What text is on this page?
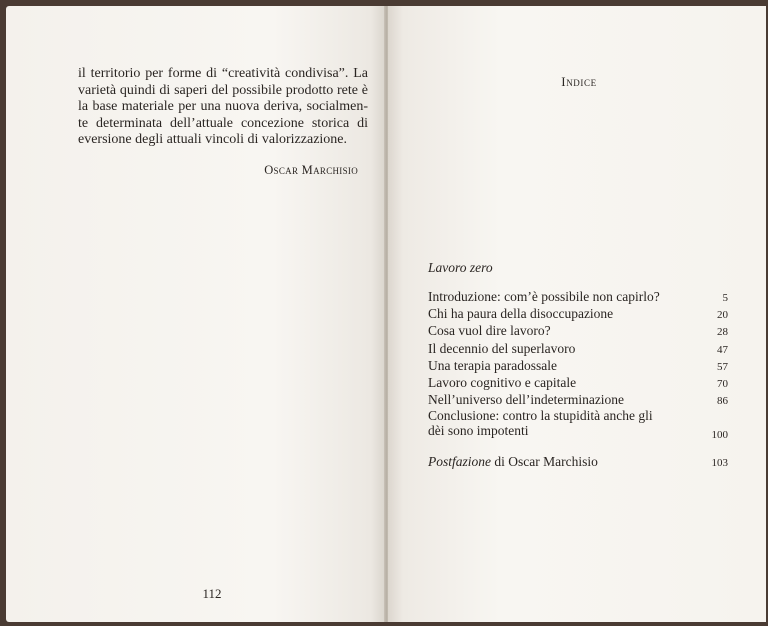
il territorio per forme di “creatività condivisa”. La
varietà quindi di saperi del possibile prodotto rete è
la base materiale per una nuova deriva, socialmen-
te determinata dell’attuale concezione storica di
eversione degli attuali vincoli di valorizzazione.

Oscar Marchisio
112
Indice
Lavoro zero
Introduzione: com’è possibile non capirlo?	5
Chi ha paura della disoccupazione	20
Cosa vuol dire lavoro?	28
Il decennio del superlavoro	47
Una terapia paradossale	57
Lavoro cognitivo e capitale	70
Nell’universo dell’indeterminazione	86
Conclusione: contro la stupidità anche gli dèi sono impotenti	100
Postfazione di Oscar Marchisio	103
